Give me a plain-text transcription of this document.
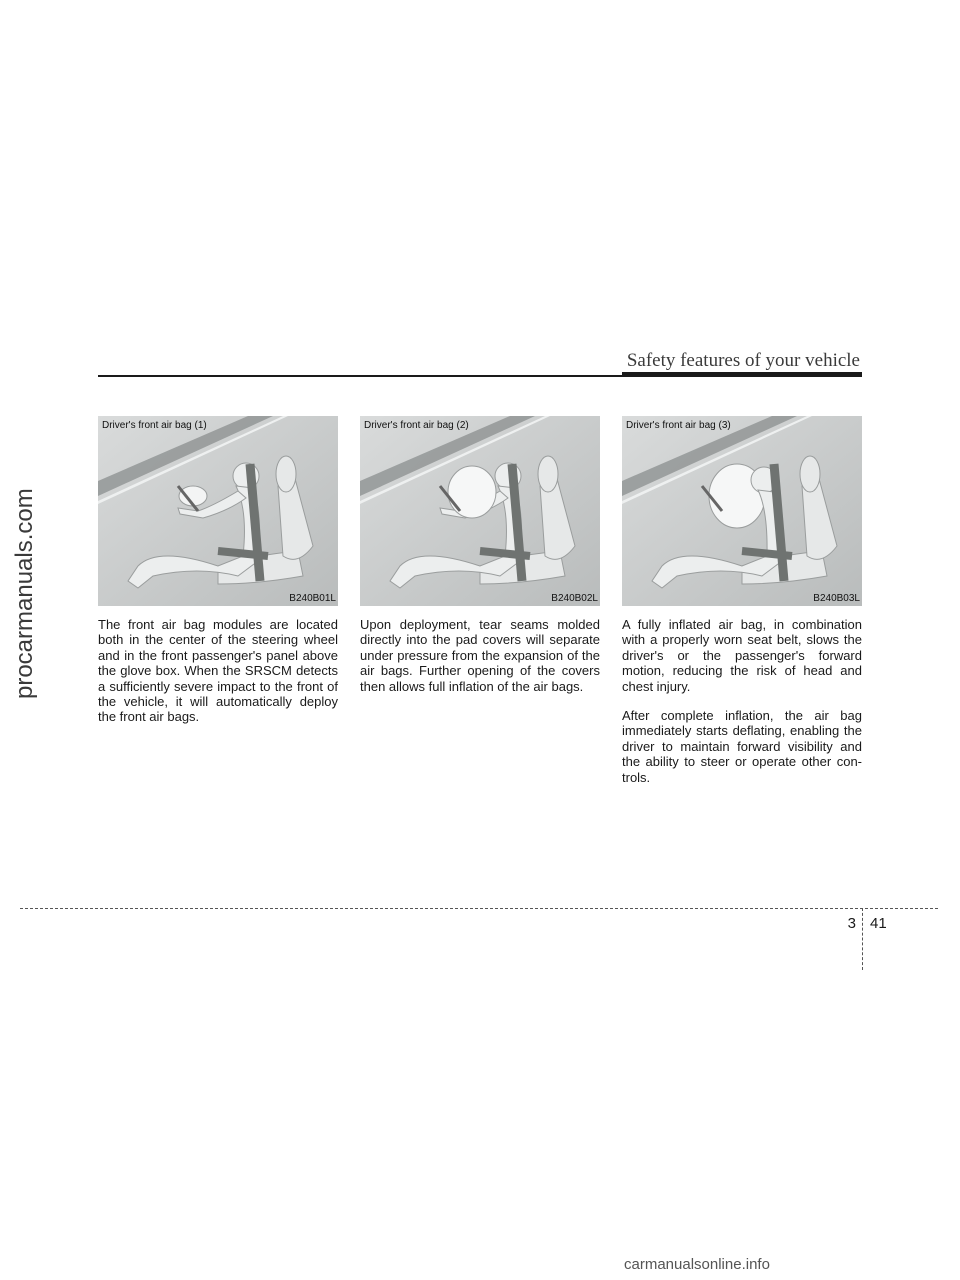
procarmanuals.com
Safety features of your vehicle
Driver's front air bag (1)
B240B01L
Driver's front air bag (2)
B240B02L
Driver's front air bag (3)
B240B03L

The front air bag modules are located both in the center of the steering wheel and in the front passenger's panel above the glove box. When the SRSCM detects a sufficiently severe impact to the front of the vehicle, it will automatically deploy the front air bags.

Upon deployment, tear seams molded directly into the pad covers will separate under pressure from the expansion of the air bags. Further opening of the covers then allows full inflation of the air bags.

A fully inflated air bag, in combination with a properly worn seat belt, slows the driver's or the passenger's forward motion, reducing the risk of head and chest injury.

After complete inflation, the air bag immediately starts deflating, enabling the driver to maintain forward visibility and the ability to steer or operate other con-trols.

3 41
carmanualsonline.info
